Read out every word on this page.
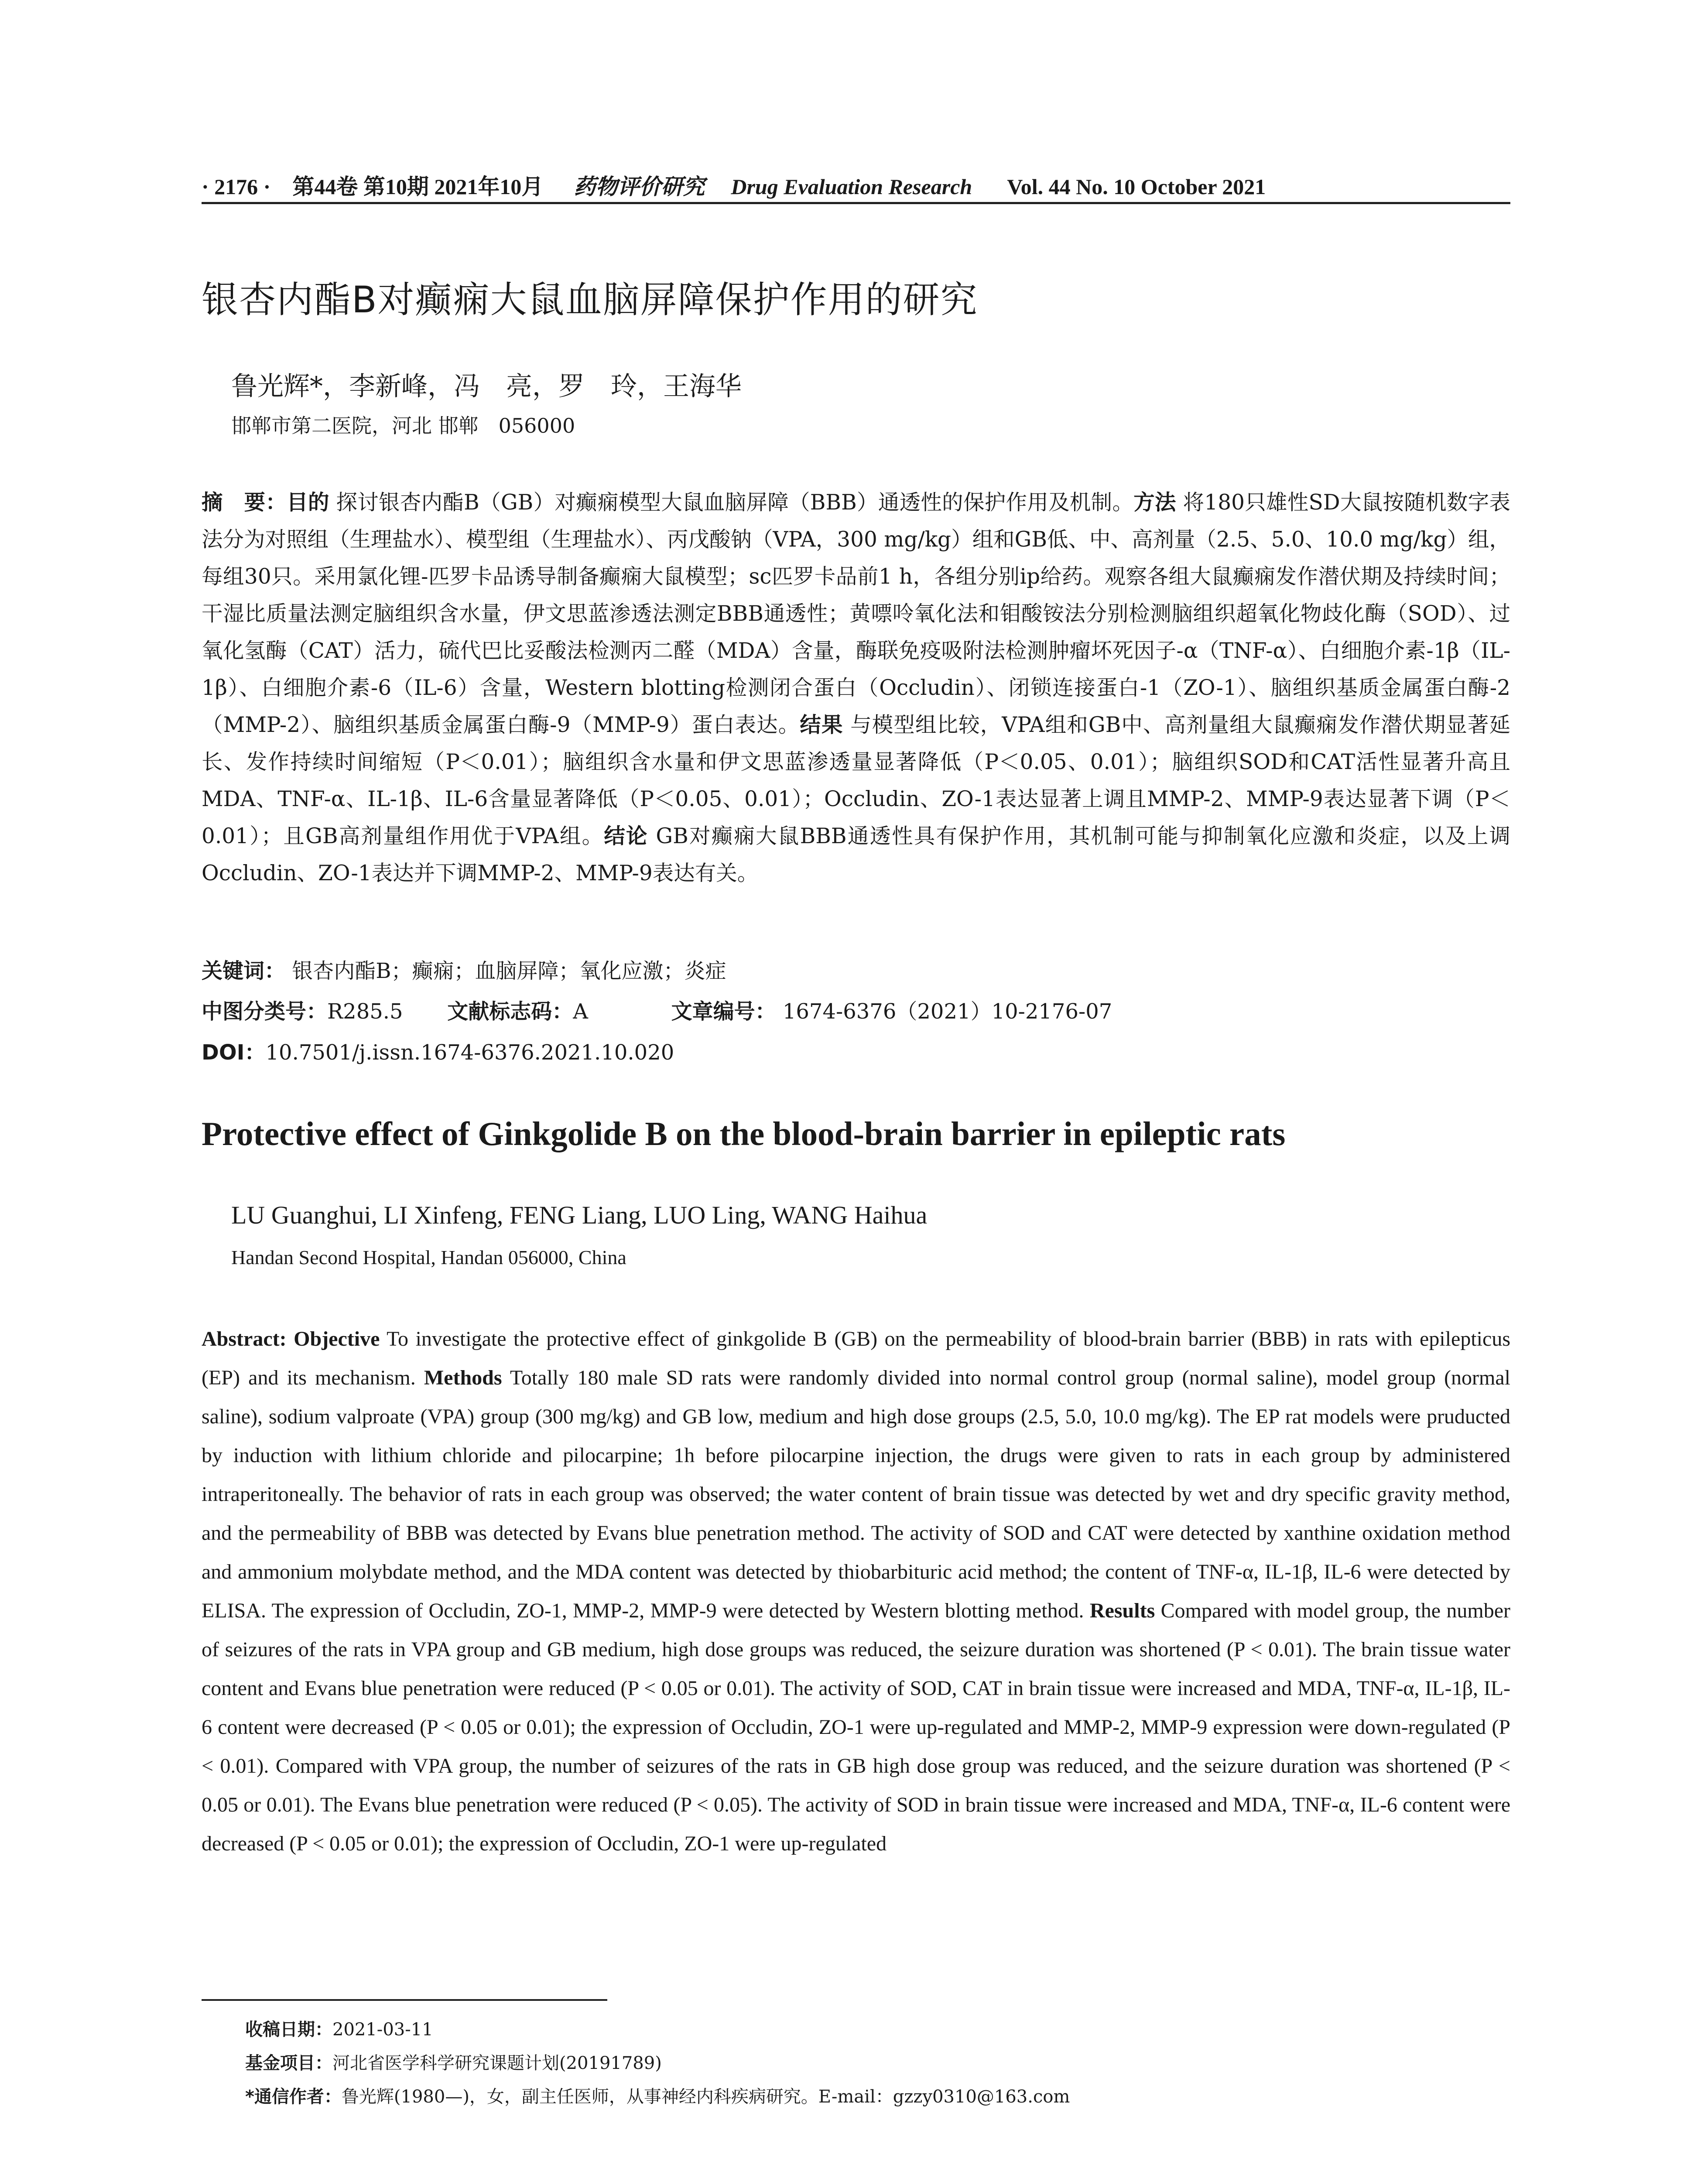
· 2176 · 第44卷 第10期 2021年10月 药物评价研究 Drug Evaluation Research Vol. 44 No. 10 October 2021
银杏内酯B对癫痫大鼠血脑屏障保护作用的研究
鲁光辉*，李新峰，冯　亮，罗　玲，王海华
邯郸市第二医院，河北 邯郸　056000
摘　要：目的 探讨银杏内酯B（GB）对癫痫模型大鼠血脑屏障（BBB）通透性的保护作用及机制。方法 将180只雄性SD大鼠按随机数字表法分为对照组（生理盐水）、模型组（生理盐水）、丙戊酸钠（VPA，300 mg/kg）组和GB低、中、高剂量（2.5、5.0、10.0 mg/kg）组，每组30只。采用氯化锂-匹罗卡品诱导制备癫痫大鼠模型；sc匹罗卡品前1 h，各组分别ip给药。观察各组大鼠癫痫发作潜伏期及持续时间；干湿比质量法测定脑组织含水量，伊文思蓝渗透法测定BBB通透性；黄嘌呤氧化法和钼酸铵法分别检测脑组织超氧化物歧化酶（SOD）、过氧化氢酶（CAT）活力，硫代巴比妥酸法检测丙二醛（MDA）含量，酶联免疫吸附法检测肿瘤坏死因子-α（TNF-α）、白细胞介素-1β（IL-1β）、白细胞介素-6（IL-6）含量，Western blotting检测闭合蛋白（Occludin）、闭锁连接蛋白-1（ZO-1）、脑组织基质金属蛋白酶-2（MMP-2）、脑组织基质金属蛋白酶-9（MMP-9）蛋白表达。结果 与模型组比较，VPA组和GB中、高剂量组大鼠癫痫发作潜伏期显著延长、发作持续时间缩短（P＜0.01）；脑组织含水量和伊文思蓝渗透量显著降低（P＜0.05、0.01）；脑组织SOD和CAT活性显著升高且MDA、TNF-α、IL-1β、IL-6含量显著降低（P＜0.05、0.01）；Occludin、ZO-1表达显著上调且MMP-2、MMP-9表达显著下调（P＜0.01）；且GB高剂量组作用优于VPA组。结论 GB对癫痫大鼠BBB通透性具有保护作用，其机制可能与抑制氧化应激和炎症，以及上调Occludin、ZO-1表达并下调MMP-2、MMP-9表达有关。
关键词： 银杏内酯B；癫痫；血脑屏障；氧化应激；炎症
中图分类号：R285.5 文献标志码：A	文章编号： 1674-6376（2021）10-2176-07
DOI：10.7501/j.issn.1674-6376.2021.10.020
Protective effect of Ginkgolide B on the blood-brain barrier in epileptic rats
LU Guanghui, LI Xinfeng, FENG Liang, LUO Ling, WANG Haihua
Handan Second Hospital, Handan 056000, China
Abstract: Objective To investigate the protective effect of ginkgolide B (GB) on the permeability of blood-brain barrier (BBB) in rats with epilepticus (EP) and its mechanism. Methods Totally 180 male SD rats were randomly divided into normal control group (normal saline), model group (normal saline), sodium valproate (VPA) group (300 mg/kg) and GB low, medium and high dose groups (2.5, 5.0, 10.0 mg/kg). The EP rat models were pruducted by induction with lithium chloride and pilocarpine; 1h before pilocarpine injection, the drugs were given to rats in each group by administered intraperitoneally. The behavior of rats in each group was observed; the water content of brain tissue was detected by wet and dry specific gravity method, and the permeability of BBB was detected by Evans blue penetration method. The activity of SOD and CAT were detected by xanthine oxidation method and ammonium molybdate method, and the MDA content was detected by thiobarbituric acid method; the content of TNF-α, IL-1β, IL-6 were detected by ELISA. The expression of Occludin, ZO-1, MMP-2, MMP-9 were detected by Western blotting method. Results Compared with model group, the number of seizures of the rats in VPA group and GB medium, high dose groups was reduced, the seizure duration was shortened (P < 0.01). The brain tissue water content and Evans blue penetration were reduced (P < 0.05 or 0.01). The activity of SOD, CAT in brain tissue were increased and MDA, TNF-α, IL-1β, IL-6 content were decreased (P < 0.05 or 0.01); the expression of Occludin, ZO-1 were up-regulated and MMP-2, MMP-9 expression were down-regulated (P < 0.01). Compared with VPA group, the number of seizures of the rats in GB high dose group was reduced, and the seizure duration was shortened (P < 0.05 or 0.01). The Evans blue penetration were reduced (P < 0.05). The activity of SOD in brain tissue were increased and MDA, TNF-α, IL-6 content were decreased (P < 0.05 or 0.01); the expression of Occludin, ZO-1 were up-regulated
收稿日期：2021-03-11
基金项目：河北省医学科学研究课题计划(20191789)
*通信作者：鲁光辉(1980—)，女，副主任医师，从事神经内科疾病研究。E-mail：gzzy0310@163.com
